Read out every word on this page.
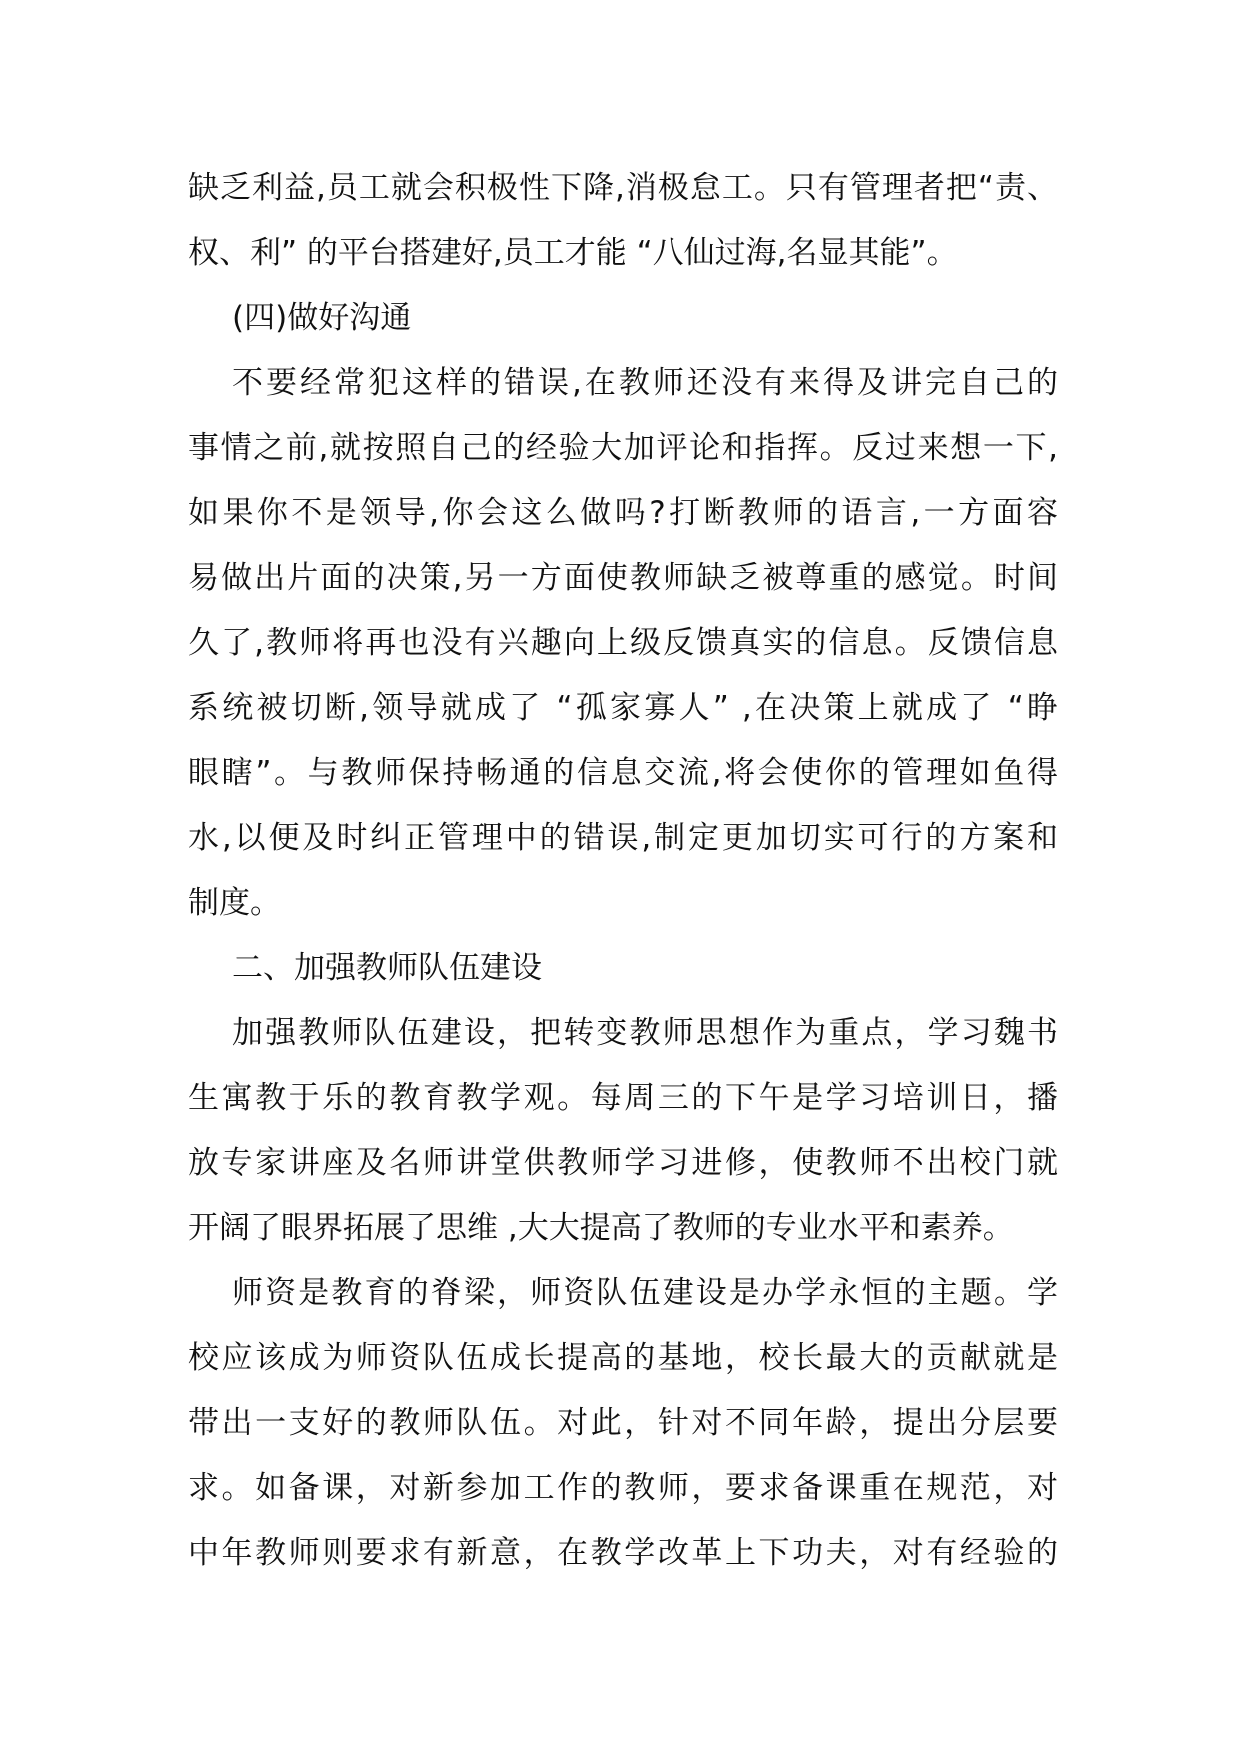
缺乏利益,员工就会积极性下降,消极怠工。只有管理者把“责、
权、利” 的平台搭建好,员工才能 “八仙过海,名显其能”。
(四)做好沟通
不要经常犯这样的错误,在教师还没有来得及讲完自己的
事情之前,就按照自己的经验大加评论和指挥。反过来想一下,
如果你不是领导,你会这么做吗?打断教师的语言,一方面容
易做出片面的决策,另一方面使教师缺乏被尊重的感觉。时间
久了,教师将再也没有兴趣向上级反馈真实的信息。反馈信息
系统被切断,领导就成了 “孤家寡人” ,在决策上就成了 “睁
眼瞎”。与教师保持畅通的信息交流,将会使你的管理如鱼得
水,以便及时纠正管理中的错误,制定更加切实可行的方案和
制度。
二、加强教师队伍建设
加强教师队伍建设，把转变教师思想作为重点，学习魏书
生寓教于乐的教育教学观。每周三的下午是学习培训日，播
放专家讲座及名师讲堂供教师学习进修，使教师不出校门就
开阔了眼界拓展了思维 ,大大提高了教师的专业水平和素养。
师资是教育的脊梁，师资队伍建设是办学永恒的主题。学
校应该成为师资队伍成长提高的基地，校长最大的贡献就是
带出一支好的教师队伍。对此，针对不同年龄，提出分层要
求。如备课，对新参加工作的教师，要求备课重在规范，对
中年教师则要求有新意，在教学改革上下功夫，对有经验的
